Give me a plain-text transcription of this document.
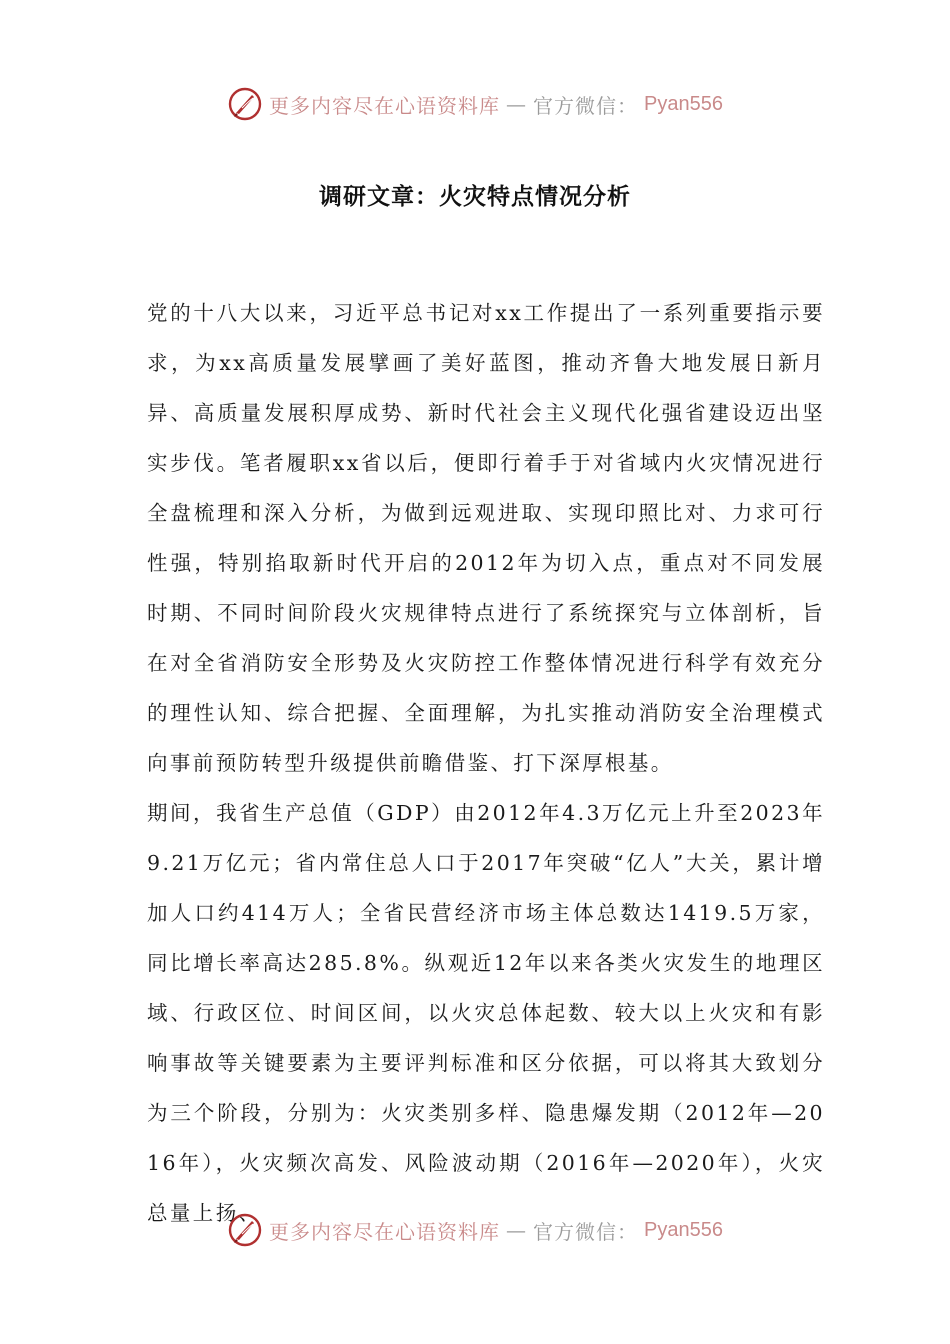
更多内容尽在心语资料库 — 官方微信： Pyan556
调研文章：火灾特点情况分析

党的十八大以来，习近平总书记对xx工作提出了一系列重要指示要求，为xx高质量发展擘画了美好蓝图，推动齐鲁大地发展日新月异、高质量发展积厚成势、新时代社会主义现代化强省建设迈出坚实步伐。笔者履职xx省以后，便即行着手于对省域内火灾情况进行全盘梳理和深入分析，为做到远观进取、实现印照比对、力求可行性强，特别掐取新时代开启的2012年为切入点，重点对不同发展时期、不同时间阶段火灾规律特点进行了系统探究与立体剖析，旨在对全省消防安全形势及火灾防控工作整体情况进行科学有效充分的理性认知、综合把握、全面理解，为扎实推动消防安全治理模式向事前预防转型升级提供前瞻借鉴、打下深厚根基。

期间，我省生产总值（GDP）由2012年4.3万亿元上升至2023年9.21万亿元；省内常住总人口于2017年突破“亿人”大关，累计增加人口约414万人；全省民营经济市场主体总数达1419.5万家，同比增长率高达285.8%。纵观近12年以来各类火灾发生的地理区域、行政区位、时间区间，以火灾总体起数、较大以上火灾和有影响事故等关键要素为主要评判标准和区分依据，可以将其大致划分为三个阶段，分别为：火灾类别多样、隐患爆发期（2012年—2016年），火灾频次高发、风险波动期（2016年—2020年），火灾总量上扬、

更多内容尽在心语资料库 — 官方微信： Pyan556
